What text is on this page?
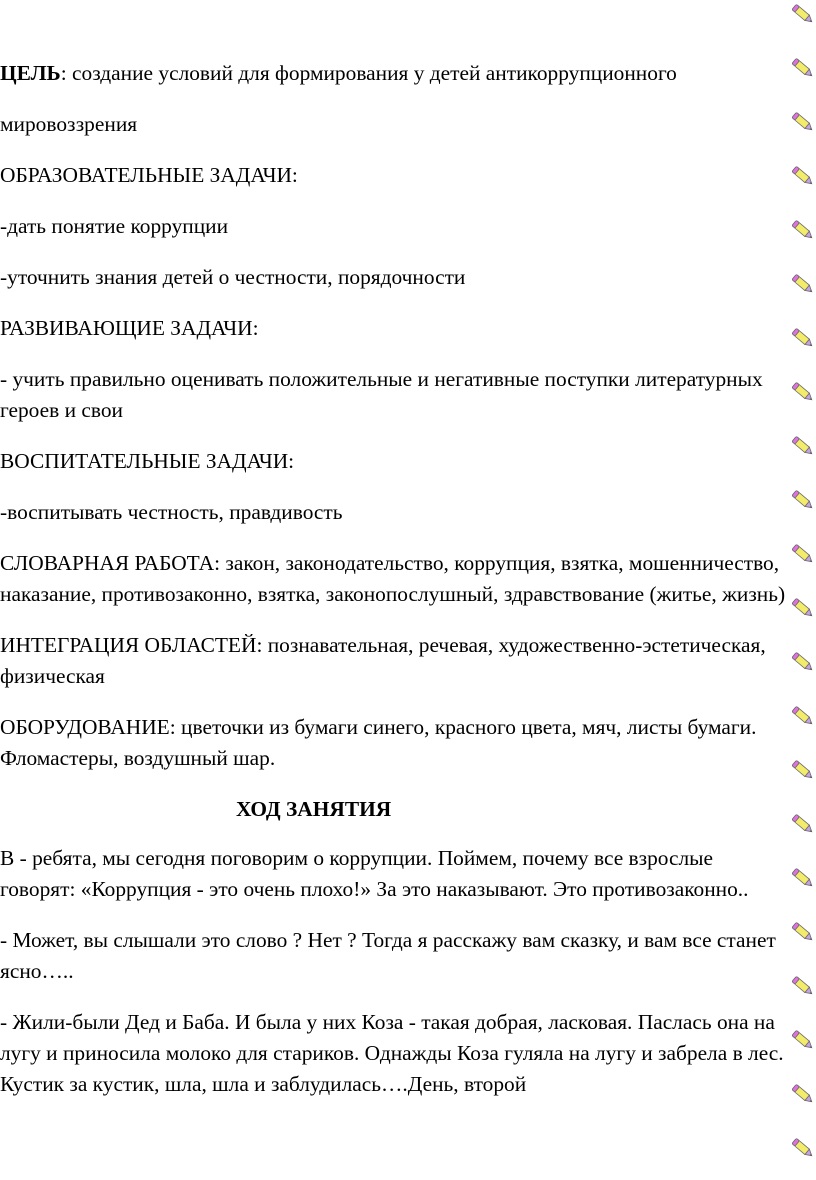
ЦЕЛЬ: создание условий для формирования у детей антикоррупционного

мировоззрения

ОБРАЗОВАТЕЛЬНЫЕ ЗАДАЧИ:

-дать понятие коррупции

-уточнить знания детей о честности, порядочности

РАЗВИВАЮЩИЕ ЗАДАЧИ:

- учить правильно оценивать положительные и негативные поступки литературных героев и свои

ВОСПИТАТЕЛЬНЫЕ ЗАДАЧИ:

-воспитывать честность, правдивость

СЛОВАРНАЯ РАБОТА: закон, законодательство, коррупция, взятка, мошенничество, наказание, противозаконно, взятка, законопослушный, здравствование (житье, жизнь)

ИНТЕГРАЦИЯ ОБЛАСТЕЙ: познавательная, речевая, художественно-эстетическая, физическая

ОБОРУДОВАНИЕ: цветочки из бумаги синего, красного цвета, мяч, листы бумаги. Фломастеры, воздушный шар.

ХОД ЗАНЯТИЯ

В - ребята, мы сегодня поговорим о коррупции. Поймем, почему все взрослые говорят: «Коррупция - это очень плохо!» За это наказывают. Это противозаконно..

- Может, вы слышали это слово ? Нет ? Тогда я расскажу вам сказку, и вам все станет ясно…..

- Жили-были Дед и Баба. И была у них Коза - такая добрая, ласковая. Паслась она на лугу и приносила молоко для стариков. Однажды Коза гуляла на лугу и забрела в лес. Кустик за кустик, шла, шла и заблудилась….День, второй
